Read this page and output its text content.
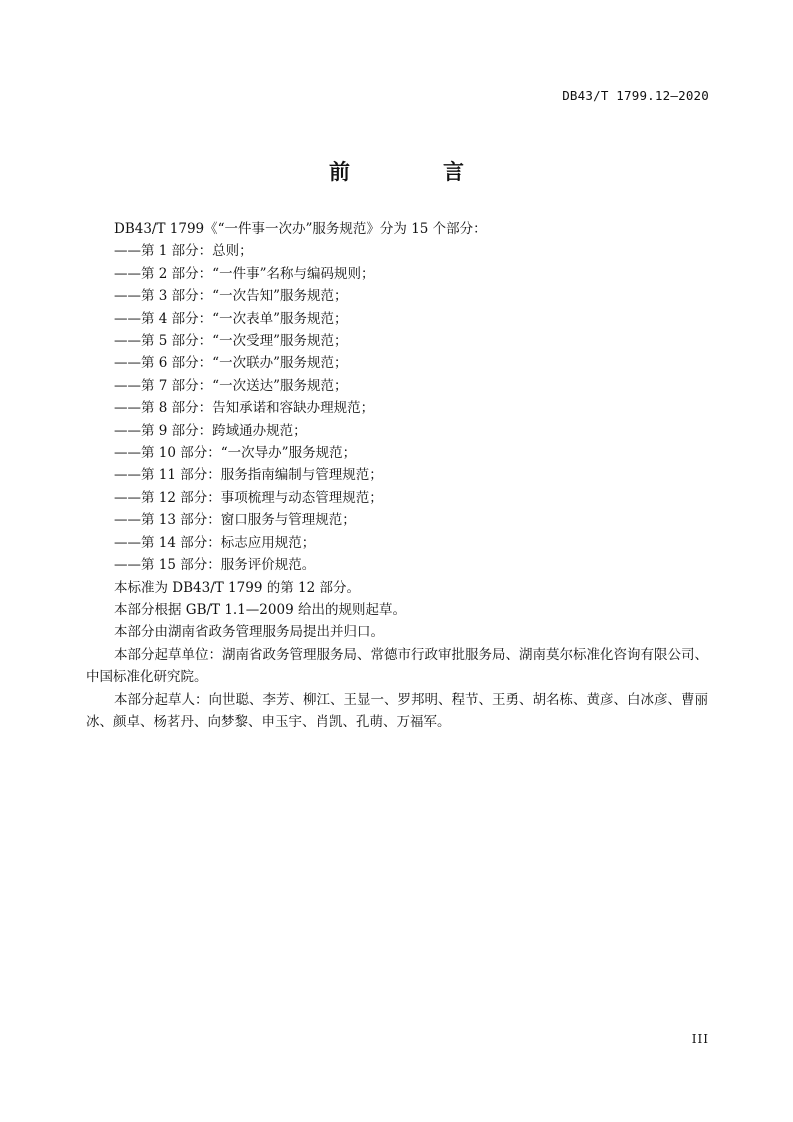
DB43/T 1799.12—2020
前　言

DB43/T 1799《“一件事一次办”服务规范》分为 15 个部分：

——第 1 部分：总则；

——第 2 部分：“一件事”名称与编码规则；

——第 3 部分：“一次告知”服务规范；

——第 4 部分：“一次表单”服务规范；

——第 5 部分：“一次受理”服务规范；

——第 6 部分：“一次联办”服务规范；

——第 7 部分：“一次送达”服务规范；

——第 8 部分：告知承诺和容缺办理规范；

——第 9 部分：跨域通办规范；

——第 10 部分：“一次导办”服务规范；

——第 11 部分：服务指南编制与管理规范；

——第 12 部分：事项梳理与动态管理规范；

——第 13 部分：窗口服务与管理规范；

——第 14 部分：标志应用规范；

——第 15 部分：服务评价规范。

本标准为 DB43/T 1799 的第 12 部分。

本部分根据 GB/T 1.1—2009 给出的规则起草。

本部分由湖南省政务管理服务局提出并归口。

本部分起草单位：湖南省政务管理服务局、常德市行政审批服务局、湖南莫尔标准化咨询有限公司、中国标准化研究院。

本部分起草人：向世聪、李芳、柳江、王显一、罗邦明、程节、王勇、胡名栋、黄彦、白冰彦、曹丽冰、颜卓、杨茗丹、向梦黎、申玉宇、肖凯、孔萌、万福军。

III
